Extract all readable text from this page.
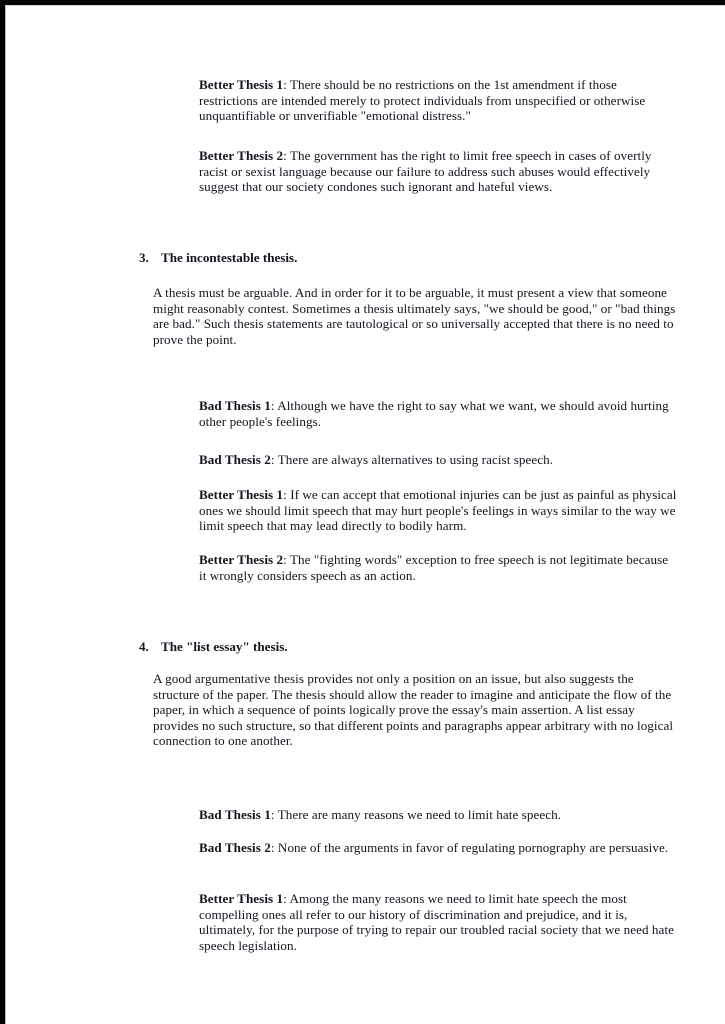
Better Thesis 1: There should be no restrictions on the 1st amendment if those restrictions are intended merely to protect individuals from unspecified or otherwise unquantifiable or unverifiable "emotional distress."
Better Thesis 2: The government has the right to limit free speech in cases of overtly racist or sexist language because our failure to address such abuses would effectively suggest that our society condones such ignorant and hateful views.
3. The incontestable thesis.
A thesis must be arguable. And in order for it to be arguable, it must present a view that someone might reasonably contest. Sometimes a thesis ultimately says, "we should be good," or "bad things are bad." Such thesis statements are tautological or so universally accepted that there is no need to prove the point.
Bad Thesis 1: Although we have the right to say what we want, we should avoid hurting other people's feelings.
Bad Thesis 2: There are always alternatives to using racist speech.
Better Thesis 1: If we can accept that emotional injuries can be just as painful as physical ones we should limit speech that may hurt people's feelings in ways similar to the way we limit speech that may lead directly to bodily harm.
Better Thesis 2: The "fighting words" exception to free speech is not legitimate because it wrongly considers speech as an action.
4. The "list essay" thesis.
A good argumentative thesis provides not only a position on an issue, but also suggests the structure of the paper. The thesis should allow the reader to imagine and anticipate the flow of the paper, in which a sequence of points logically prove the essay's main assertion. A list essay provides no such structure, so that different points and paragraphs appear arbitrary with no logical connection to one another.
Bad Thesis 1: There are many reasons we need to limit hate speech.
Bad Thesis 2: None of the arguments in favor of regulating pornography are persuasive.
Better Thesis 1: Among the many reasons we need to limit hate speech the most compelling ones all refer to our history of discrimination and prejudice, and it is, ultimately, for the purpose of trying to repair our troubled racial society that we need hate speech legislation.
